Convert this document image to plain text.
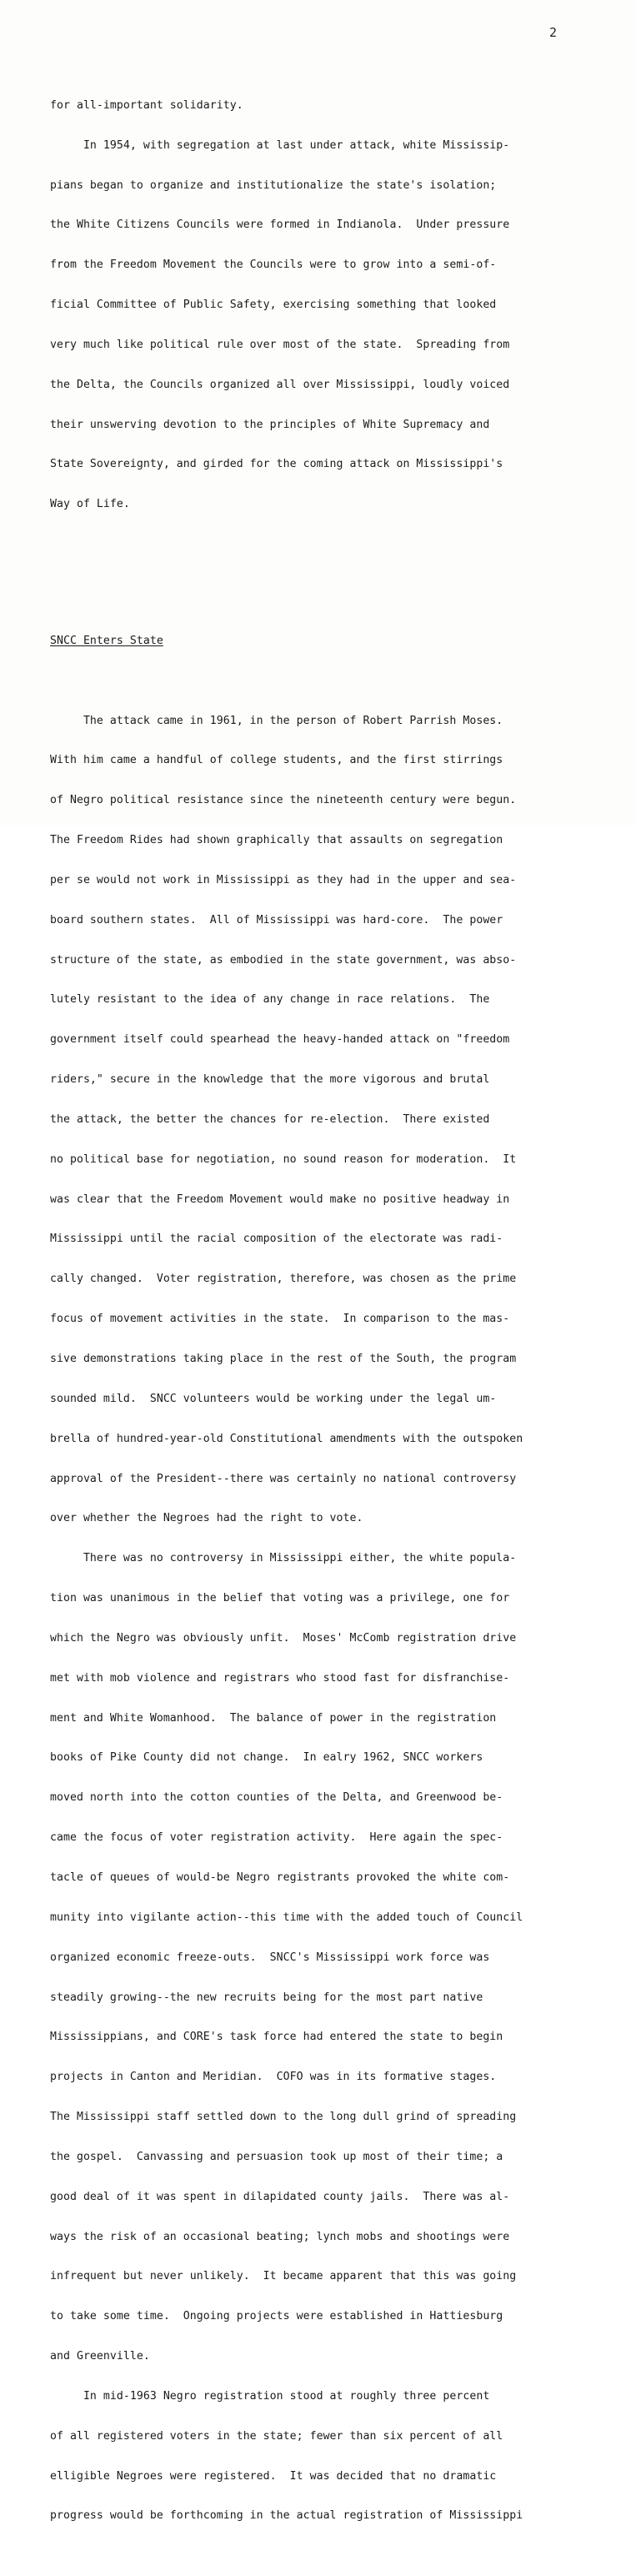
2

for all-important solidarity.

In 1954, with segregation at last under attack, white Mississip-

pians began to organize and institutionalize the state's isolation;

the White Citizens Councils were formed in Indianola.  Under pressure

from the Freedom Movement the Councils were to grow into a semi-of-

ficial Committee of Public Safety, exercising something that looked

very much like political rule over most of the state.  Spreading from

the Delta, the Councils organized all over Mississippi, loudly voiced

their unswerving devotion to the principles of White Supremacy and

State Sovereignty, and girded for the coming attack on Mississippi's

Way of Life.

SNCC Enters State

The attack came in 1961, in the person of Robert Parrish Moses.

With him came a handful of college students, and the first stirrings

of Negro political resistance since the nineteenth century were begun.

The Freedom Rides had shown graphically that assaults on segregation

per se would not work in Mississippi as they had in the upper and sea-

board southern states.  All of Mississippi was hard-core.  The power

structure of the state, as embodied in the state government, was abso-

lutely resistant to the idea of any change in race relations.  The

government itself could spearhead the heavy-handed attack on "freedom

riders," secure in the knowledge that the more vigorous and brutal

the attack, the better the chances for re-election.  There existed

no political base for negotiation, no sound reason for moderation.  It

was clear that the Freedom Movement would make no positive headway in

Mississippi until the racial composition of the electorate was radi-

cally changed.  Voter registration, therefore, was chosen as the prime

focus of movement activities in the state.  In comparison to the mas-

sive demonstrations taking place in the rest of the South, the program

sounded mild.  SNCC volunteers would be working under the legal um-

brella of hundred-year-old Constitutional amendments with the outspoken

approval of the President--there was certainly no national controversy

over whether the Negroes had the right to vote.

There was no controversy in Mississippi either, the white popula-

tion was unanimous in the belief that voting was a privilege, one for

which the Negro was obviously unfit.  Moses' McComb registration drive

met with mob violence and registrars who stood fast for disfranchise-

ment and White Womanhood.  The balance of power in the registration

books of Pike County did not change.  In ealry 1962, SNCC workers

moved north into the cotton counties of the Delta, and Greenwood be-

came the focus of voter registration activity.  Here again the spec-

tacle of queues of would-be Negro registrants provoked the white com-

munity into vigilante action--this time with the added touch of Council

organized economic freeze-outs.  SNCC's Mississippi work force was

steadily growing--the new recruits being for the most part native

Mississippians, and CORE's task force had entered the state to begin

projects in Canton and Meridian.  COFO was in its formative stages.

The Mississippi staff settled down to the long dull grind of spreading

the gospel.  Canvassing and persuasion took up most of their time; a

good deal of it was spent in dilapidated county jails.  There was al-

ways the risk of an occasional beating; lynch mobs and shootings were

infrequent but never unlikely.  It became apparent that this was going

to take some time.  Ongoing projects were established in Hattiesburg

and Greenville.

In mid-1963 Negro registration stood at roughly three percent

of all registered voters in the state; fewer than six percent of all

elligible Negroes were registered.  It was decided that no dramatic

progress would be forthcoming in the actual registration of Mississippi
